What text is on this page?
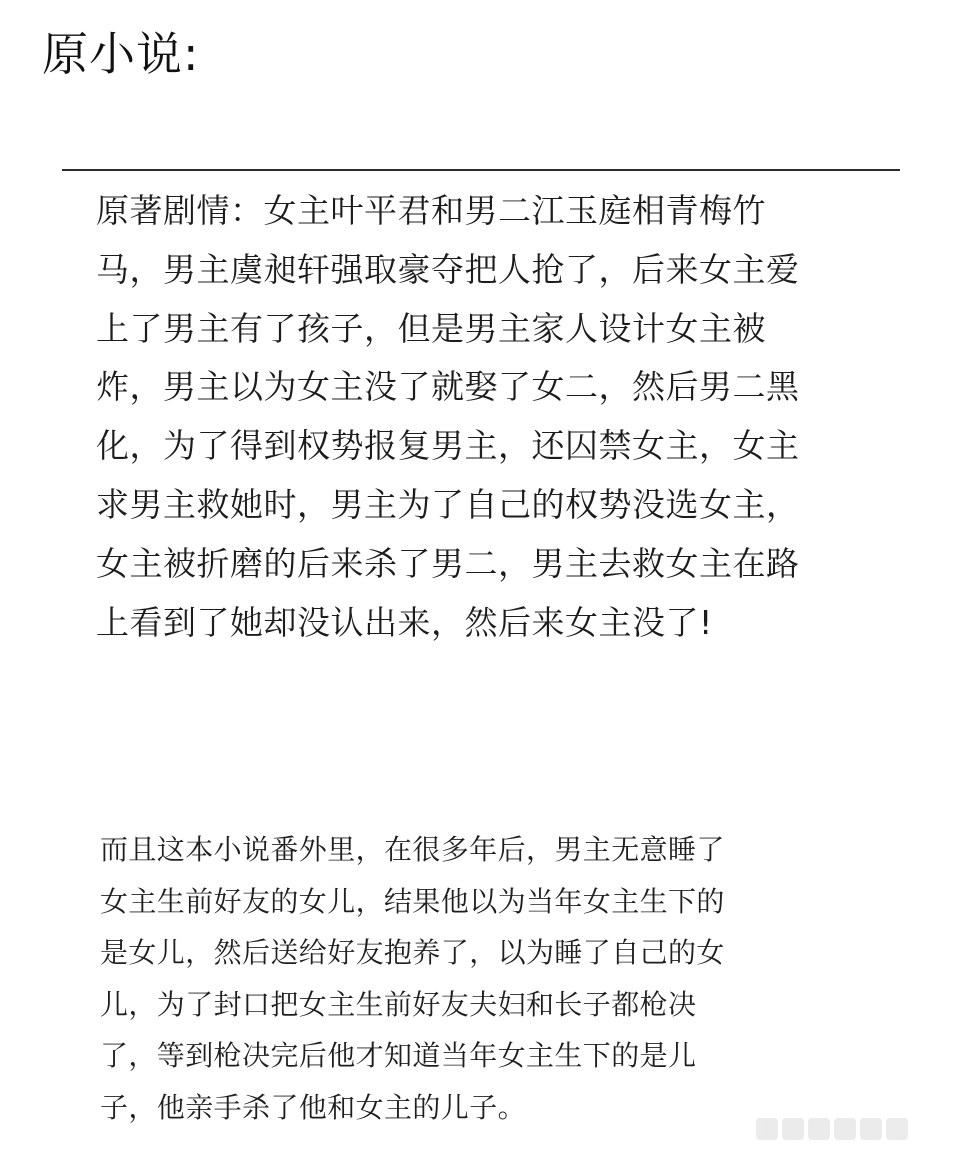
原小说:
原著剧情：女主叶平君和男二江玉庭相青梅竹
马，男主虞昶轩强取豪夺把人抢了，后来女主爱
上了男主有了孩子，但是男主家人设计女主被
炸，男主以为女主没了就娶了女二，然后男二黑
化，为了得到权势报复男主，还囚禁女主，女主
求男主救她时，男主为了自己的权势没选女主，
女主被折磨的后来杀了男二，男主去救女主在路
上看到了她却没认出来，然后来女主没了!
而且这本小说番外里，在很多年后，男主无意睡了
女主生前好友的女儿，结果他以为当年女主生下的
是女儿，然后送给好友抱养了，以为睡了自己的女
儿，为了封口把女主生前好友夫妇和长子都枪决
了，等到枪决完后他才知道当年女主生下的是儿
子，他亲手杀了他和女主的儿子。
